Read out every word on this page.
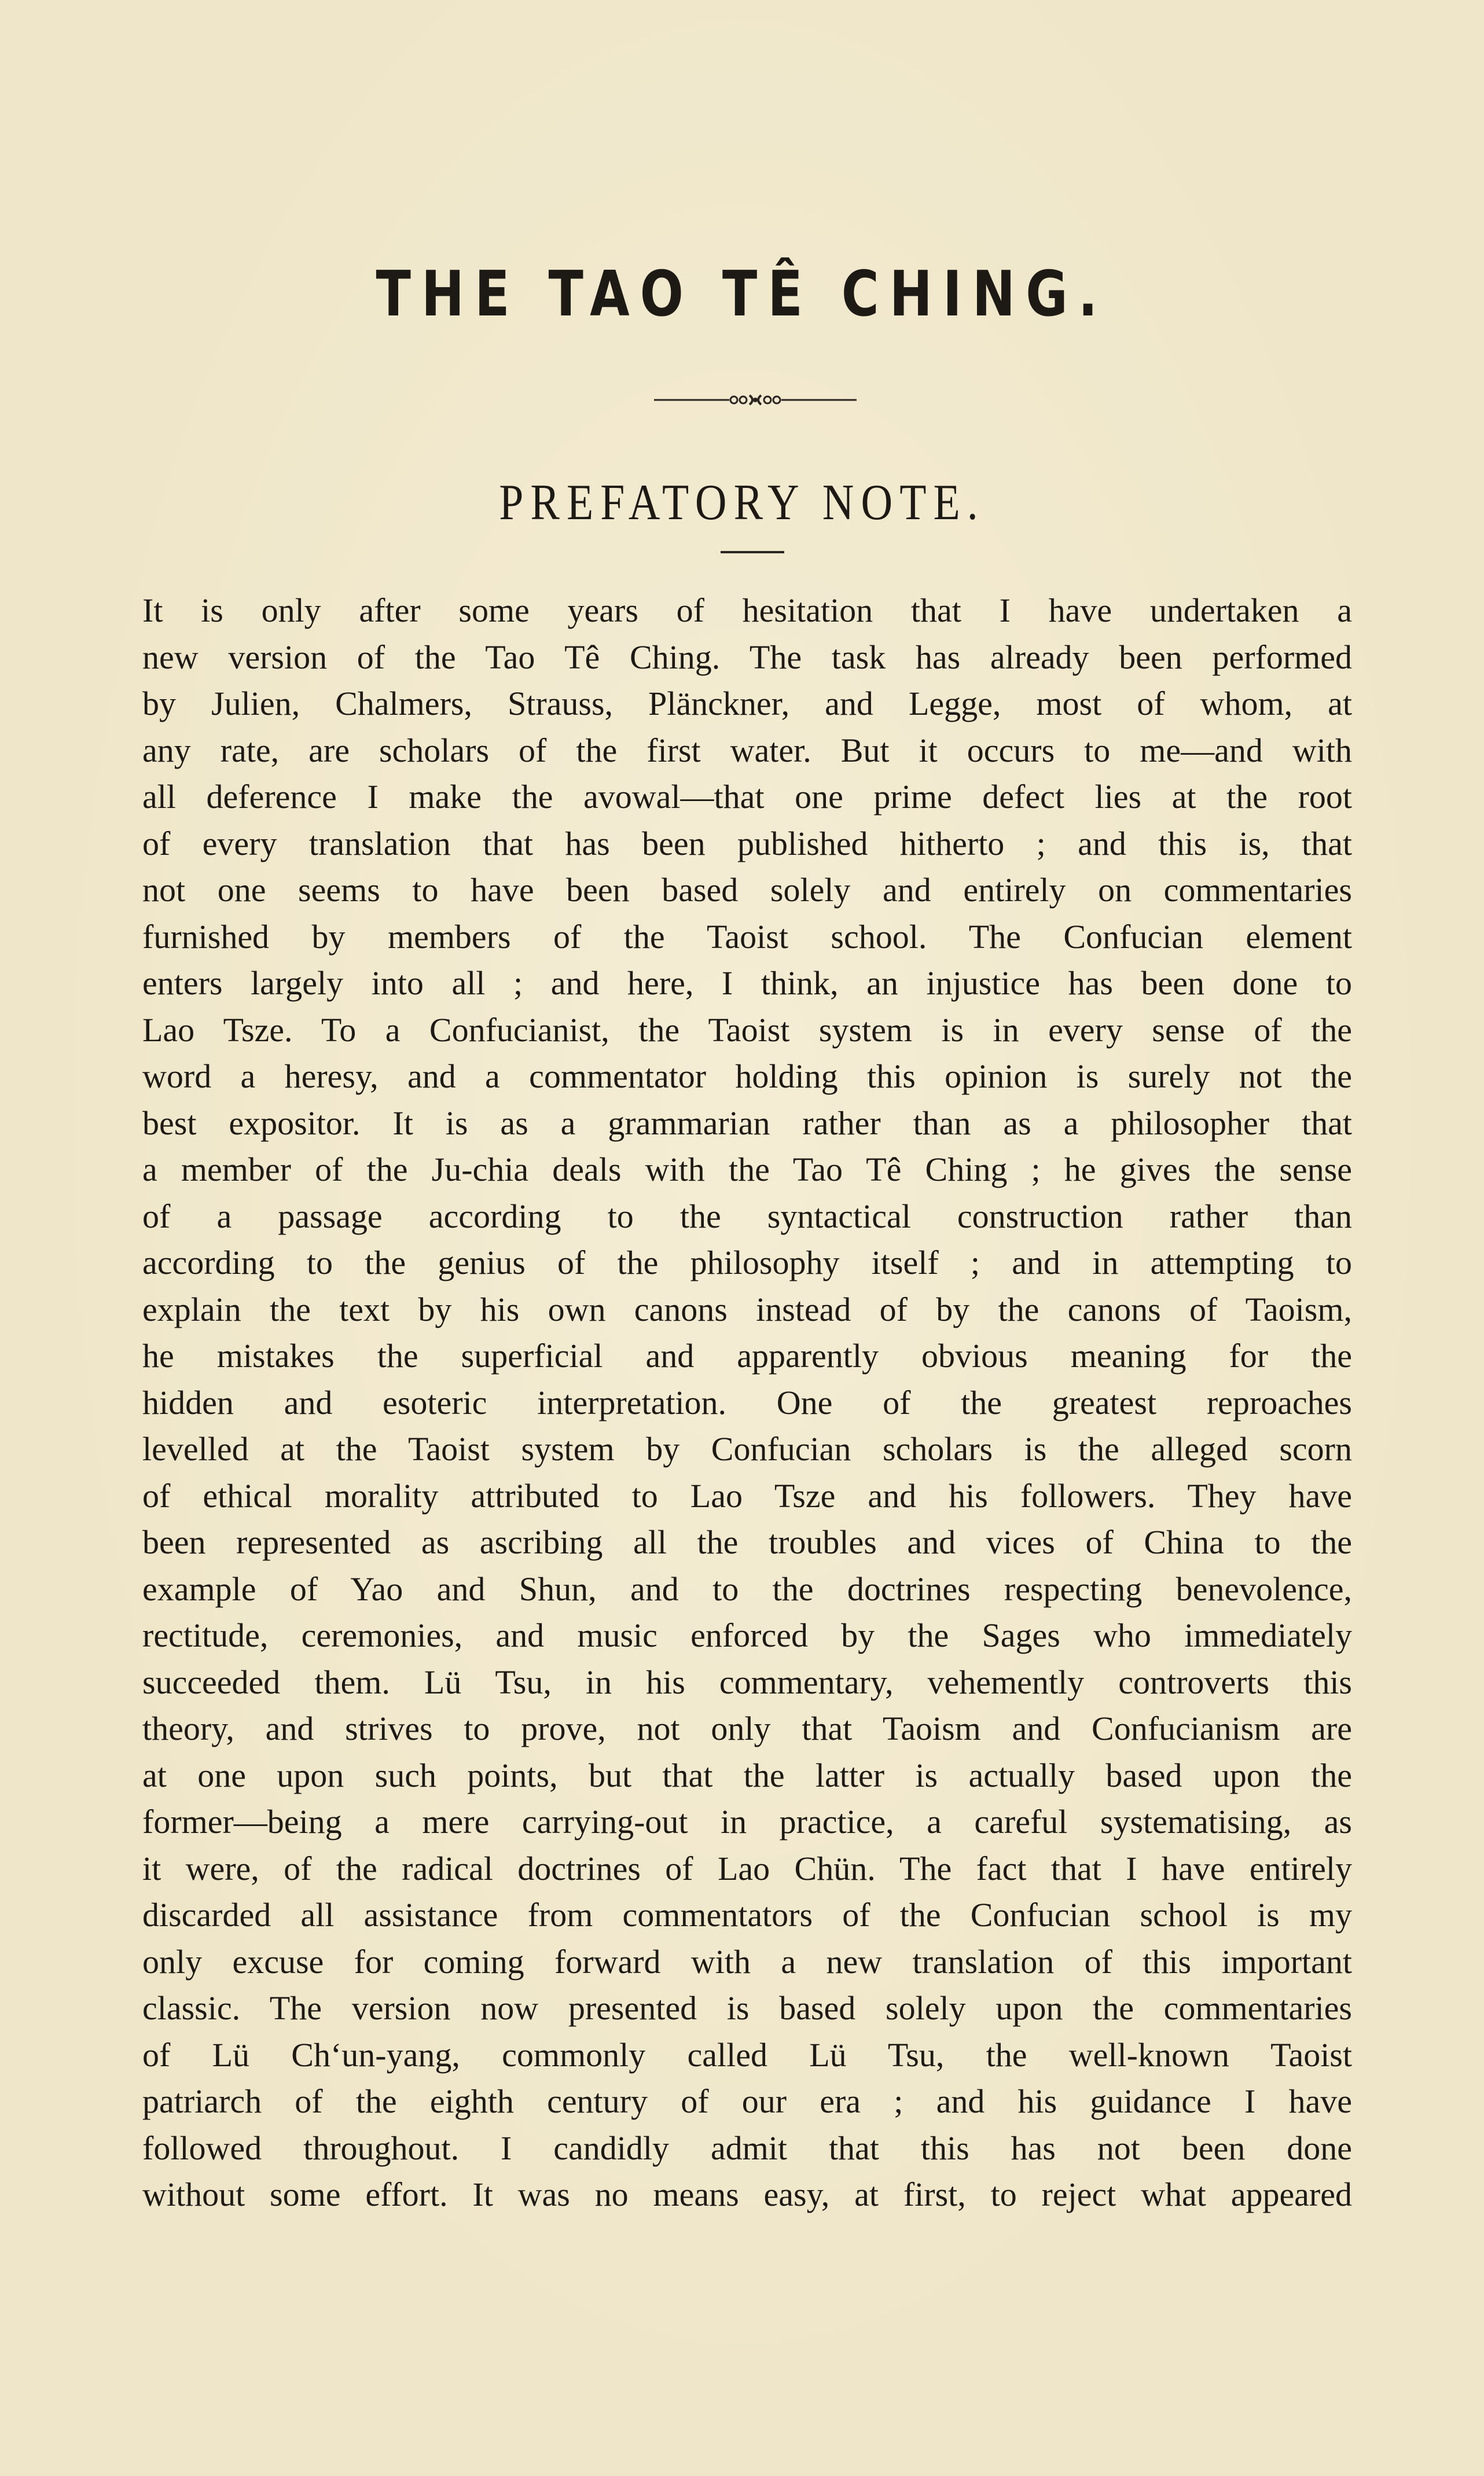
THE TAO TÊ CHING.
PREFATORY NOTE.
It is only after some years of hesitation that I have undertaken a
new version of the Tao Tê Ching. The task has already been performed
by Julien, Chalmers, Strauss, Plänckner, and Legge, most of whom, at
any rate, are scholars of the first water. But it occurs to me—and with
all deference I make the avowal—that one prime defect lies at the root
of every translation that has been published hitherto ; and this is, that
not one seems to have been based solely and entirely on commentaries
furnished by members of the Taoist school. The Confucian element
enters largely into all ; and here, I think, an injustice has been done to
Lao Tsze. To a Confucianist, the Taoist system is in every sense of the
word a heresy, and a commentator holding this opinion is surely not the
best expositor. It is as a grammarian rather than as a philosopher that
a member of the Ju-chia deals with the Tao Tê Ching ; he gives the sense
of a passage according to the syntactical construction rather than
according to the genius of the philosophy itself ; and in attempting to
explain the text by his own canons instead of by the canons of Taoism,
he mistakes the superficial and apparently obvious meaning for the
hidden and esoteric interpretation. One of the greatest reproaches
levelled at the Taoist system by Confucian scholars is the alleged scorn
of ethical morality attributed to Lao Tsze and his followers. They have
been represented as ascribing all the troubles and vices of China to the
example of Yao and Shun, and to the doctrines respecting benevolence,
rectitude, ceremonies, and music enforced by the Sages who immediately
succeeded them. Lü Tsu, in his commentary, vehemently controverts this
theory, and strives to prove, not only that Taoism and Confucianism are
at one upon such points, but that the latter is actually based upon the
former—being a mere carrying-out in practice, a careful systematising, as
it were, of the radical doctrines of Lao Chün. The fact that I have entirely
discarded all assistance from commentators of the Confucian school is my
only excuse for coming forward with a new translation of this important
classic. The version now presented is based solely upon the commentaries
of Lü Ch‘un-yang, commonly called Lü Tsu, the well-known Taoist
patriarch of the eighth century of our era ; and his guidance I have
followed throughout. I candidly admit that this has not been done
without some effort. It was no means easy, at first, to reject what appeared
